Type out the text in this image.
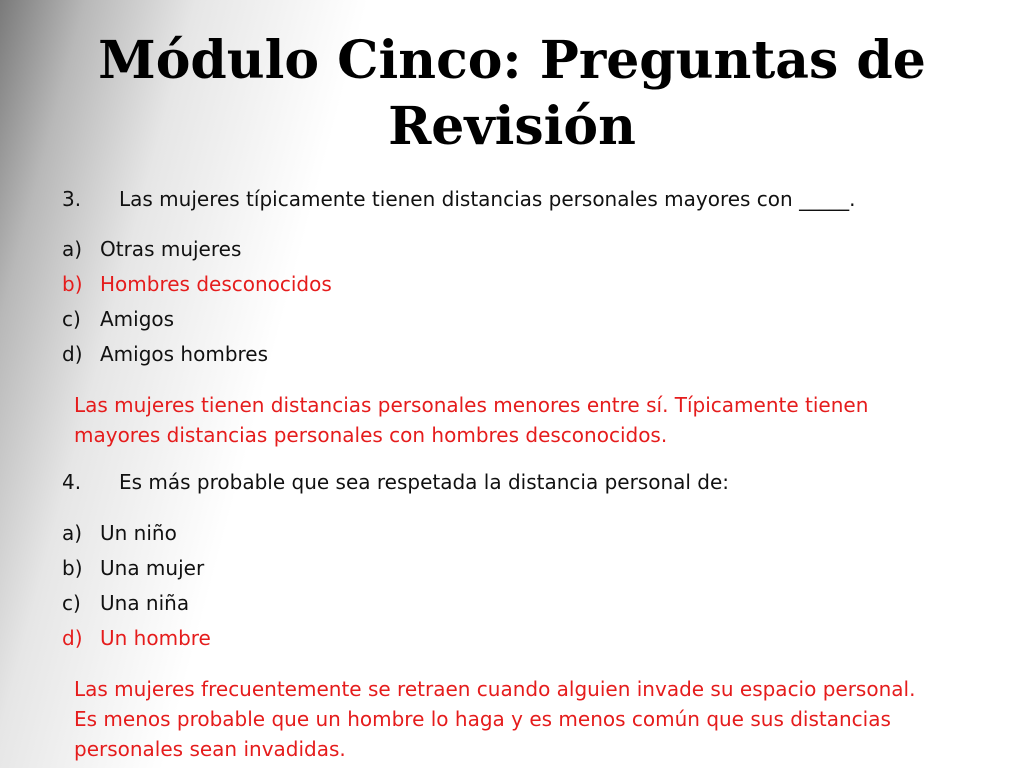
Módulo Cinco: Preguntas de
Revisión
3.	Las mujeres típicamente tienen distancias personales mayores con _____.
a) Otras mujeres
b) Hombres desconocidos
c) Amigos
d) Amigos hombres
Las mujeres tienen distancias personales menores entre sí. Típicamente tienen
mayores distancias personales con hombres desconocidos.
4.	Es más probable que sea respetada la distancia personal de:
a) Un niño
b) Una mujer
c) Una niña
d) Un hombre
Las mujeres frecuentemente se retraen cuando alguien invade su espacio personal.
Es menos probable que un hombre lo haga y es menos común que sus distancias
personales sean invadidas.
